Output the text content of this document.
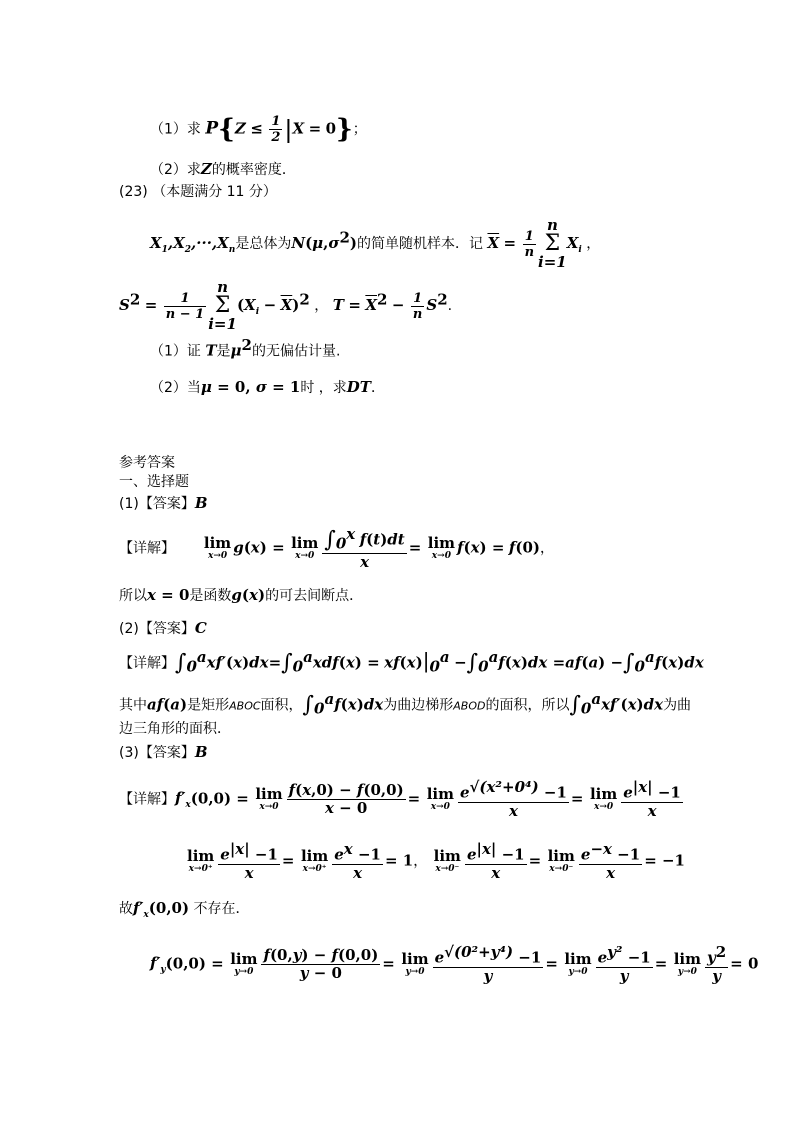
（1）求 $P\{Z \le \frac{1}{2} |X = 0\}$；
（2）求Z的概率密度．
(23) （本题满分 11 分）
$X_1,X_2,\cdot\cdot\cdot,X_n$是总体为$N(\mu,\sigma^2)$的简单随机样本．记 $\overline{X} = \frac{1}{n}$
n
Σ
$i=1X_i$ ，
$S^2 = \frac{1}{n - 1}$
n
Σ
$i=1(X_i - \overline{X})^2$ ， $T = \overline{X}^2 - \frac{1}{n} S^2$.
（1）证 T是$\mu^2$的无偏估计量.
（2）当μ = 0, σ = 1时 ，求DT．
参考答案
一、选择题
(1)【答案】B
【详解】 lim
x→0 g(x) = lim
$x\to 0 \frac{\int_0^x f(t)dt}{x} = \lim$
x→0 f(x) = f(0)，
所以x = 0是函数g(x)的可去间断点．
(2)【答案】C
【详解】$\int_0^axf'(x)dx=\int_0^axdf(x) = xf(x)|_0^a -\int_0^af(x)dx =af(a) -\int_0^af(x)dx$
其中af(a)是矩形ABOC面积，$\int_0^af(x)dx$为曲边梯形ABOD的面积，所以$\int_0^axf'(x)dx$为曲
边三角形的面积．
(3)【答案】B
【详解】$f'_x(0,0) = \lim$
$x\to 0 \frac{f(x,0) - f(0,0)}{x - 0} = \lim$
$x\to 0 \frac{e^{√(x^2+0^4)} -1}{x} = \lim$
$x\to 0 \frac{e^{|x|} -1}{x}$
lim
$x\to 0^+ \frac{e^{|x|} -1}{x} = \lim$
$x\to 0^+ \frac{e^x -1}{x} = 1$， lim
$x\to 0^- \frac{e^{|x|} -1}{x} = \lim$
$x\to 0^- \frac{e^{-x} -1}{x} = -1$
故$f'_x(0,0)$ 不存在．
$f'_y(0,0) = \lim$
$y\to 0 \frac{f(0,y) - f(0,0)}{y - 0} = \lim$
$y\to 0 \frac{e^{√(0^2+y^4)} -1}{y} = \lim$
$y\to 0 \frac{e^{y^2} -1}{y} = \lim$
$y\to 0 \frac{y^2}{y} = 0$
